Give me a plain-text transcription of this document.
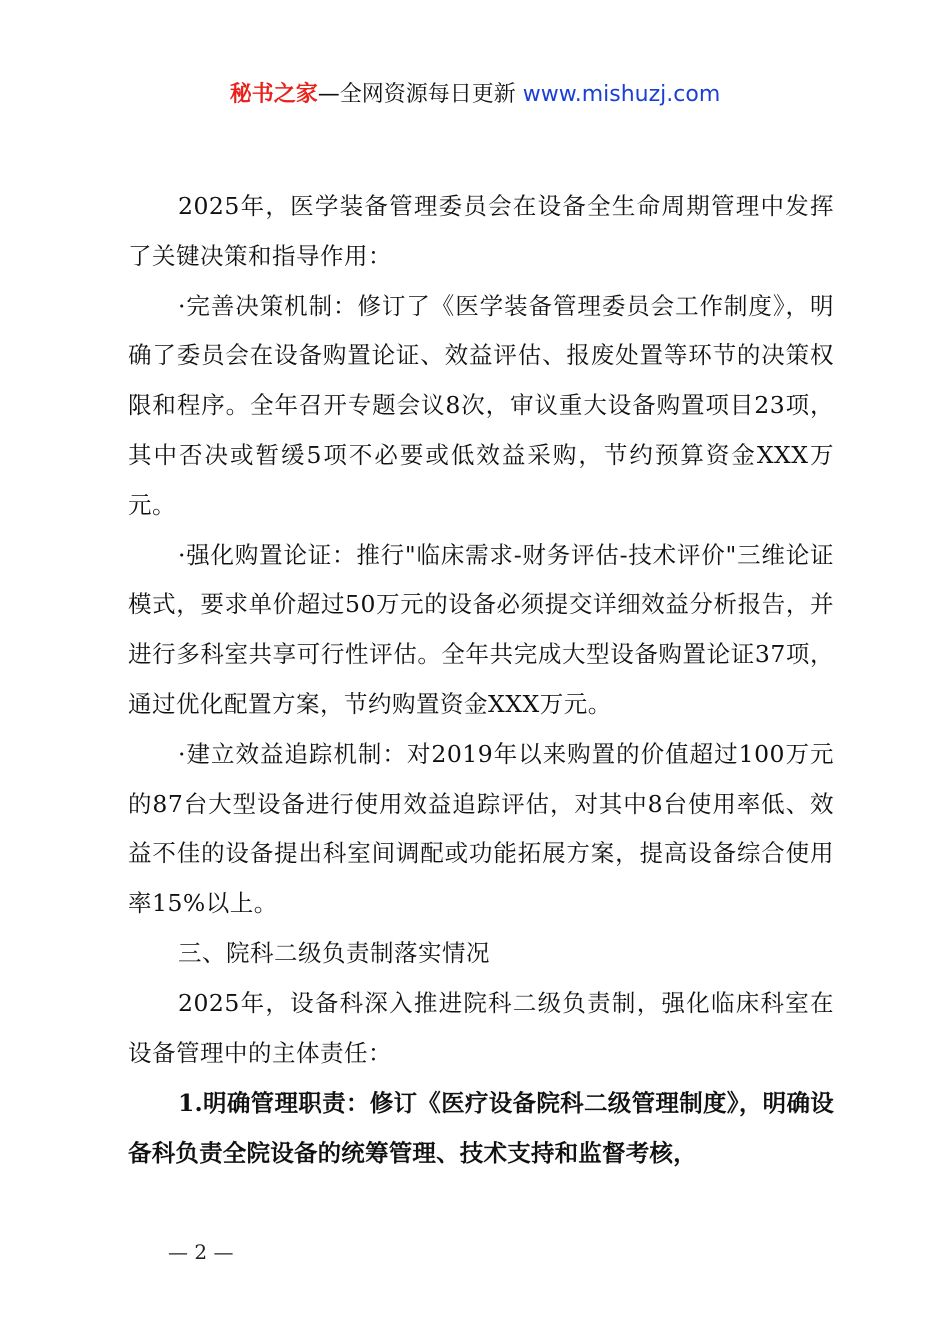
秘书之家—全网资源每日更新 www.mishuzj.com

2025年，医学装备管理委员会在设备全生命周期管理中发挥了关键决策和指导作用：

·完善决策机制：修订了《医学装备管理委员会工作制度》，明确了委员会在设备购置论证、效益评估、报废处置等环节的决策权限和程序。全年召开专题会议8次，审议重大设备购置项目23项，其中否决或暂缓5项不必要或低效益采购，节约预算资金XXX万元。

·强化购置论证：推行"临床需求-财务评估-技术评价"三维论证模式，要求单价超过50万元的设备必须提交详细效益分析报告，并进行多科室共享可行性评估。全年共完成大型设备购置论证37项，通过优化配置方案，节约购置资金XXX万元。

·建立效益追踪机制：对2019年以来购置的价值超过100万元的87台大型设备进行使用效益追踪评估，对其中8台使用率低、效益不佳的设备提出科室间调配或功能拓展方案，提高设备综合使用率15%以上。

三、院科二级负责制落实情况

2025年，设备科深入推进院科二级负责制，强化临床科室在设备管理中的主体责任：

1.明确管理职责：修订《医疗设备院科二级管理制度》，明确设备科负责全院设备的统筹管理、技术支持和监督考核，

— 2 —
